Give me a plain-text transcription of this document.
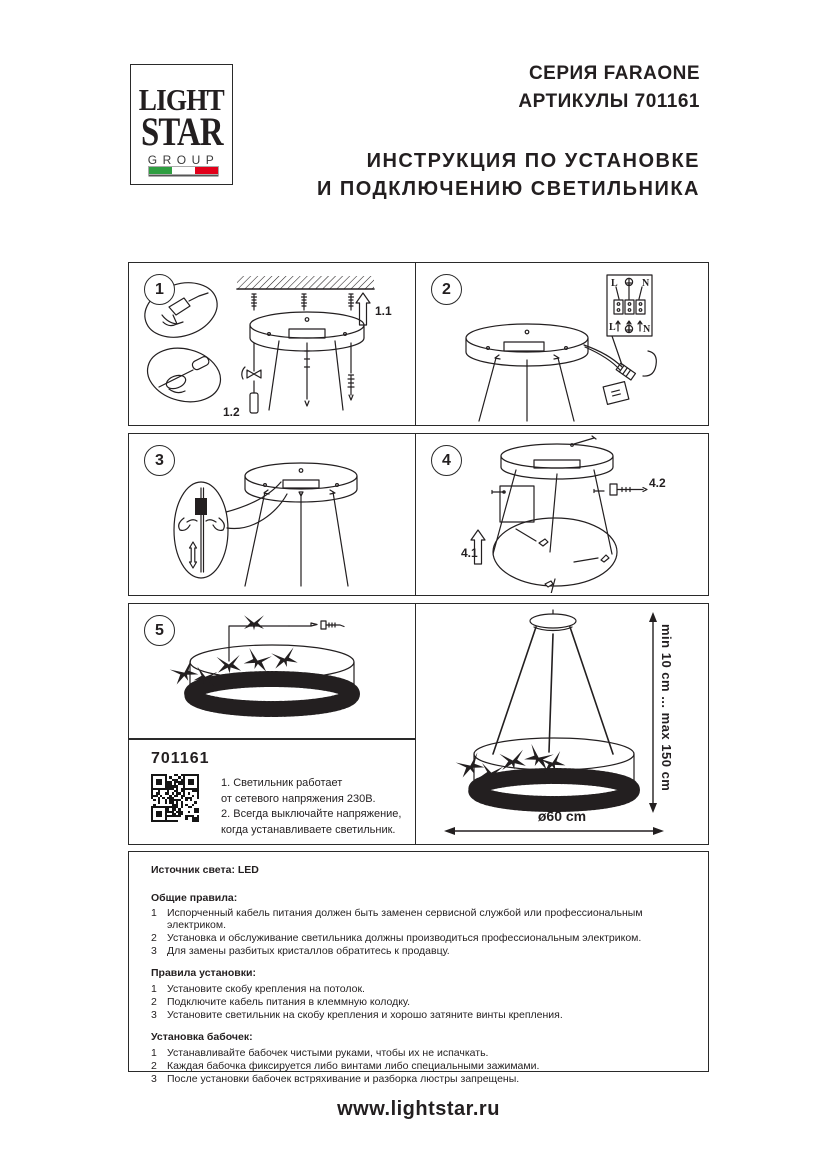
LIGHT STAR
GROUP
СЕРИЯ FARAONE
АРТИКУЛЫ 701161
ИНСТРУКЦИЯ ПО УСТАНОВКЕ
И ПОДКЛЮЧЕНИЮ СВЕТИЛЬНИКА
1
1.1
1.2
2	L N
L	N
3	4
4.1
4.2
5
701161
1. Светильник работает
от сетевого напряжения 230В.
2. Всегда выключайте напряжение,
когда устанавливаете светильник.
min 10 cm ... max 150 cm
ø60 cm
Источник света: LED
Общие правила:
1 Испорченный кабель питания должен быть заменен сервисной службой или профессиональным электриком.
2 Установка и обслуживание светильника должны производиться профессиональным электриком.
3 Для замены разбитых кристаллов обратитесь к продавцу.
Правила установки:
1 Установите скобу крепления на потолок.
2 Подключите кабель питания в клеммную колодку.
3 Установите светильник на скобу крепления и хорошо затяните винты крепления.
Установка бабочек:
1 Устанавливайте бабочек чистыми руками, чтобы их не испачкать.
2 Каждая бабочка фиксируется либо винтами либо специальными зажимами.
3 После установки бабочек встряхивание и разборка люстры запрещены.
www.lightstar.ru
